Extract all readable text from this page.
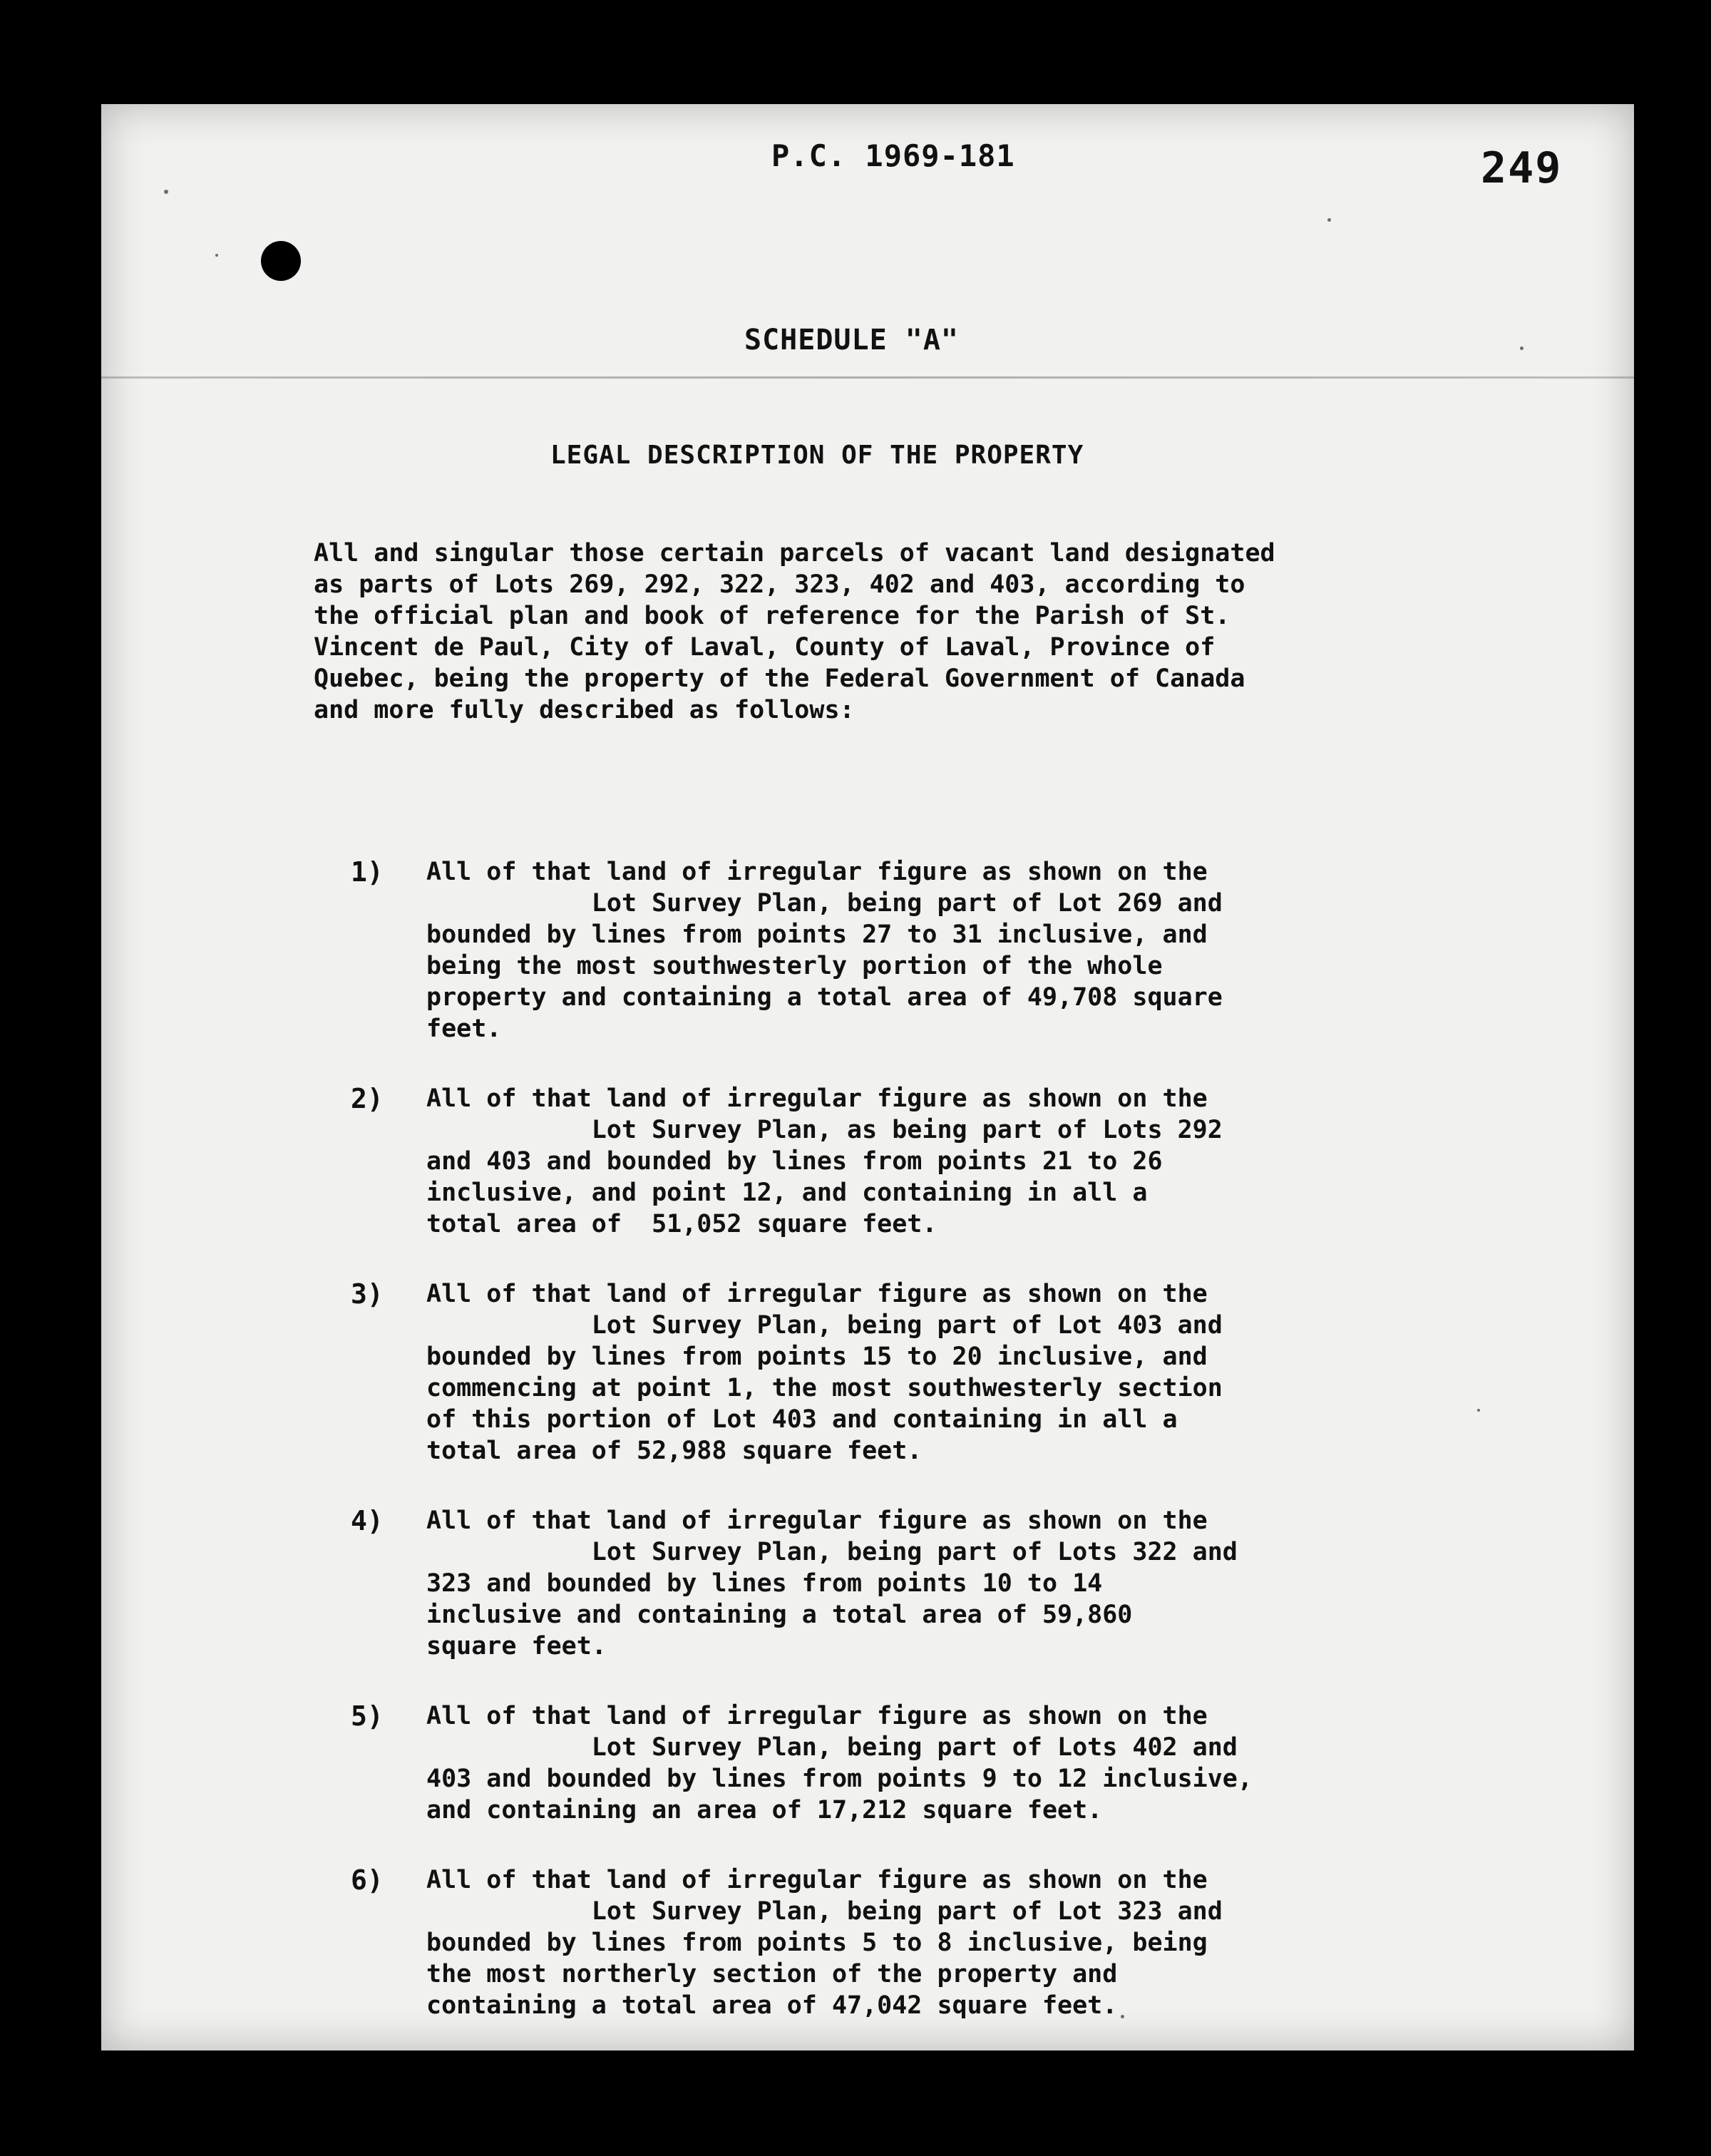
P.C. 1969-181	249
SCHEDULE "A"
LEGAL DESCRIPTION OF THE PROPERTY
All and singular those certain parcels of vacant land designated
as parts of Lots 269, 292, 322, 323, 402 and 403, according to
the official plan and book of reference for the Parish of St.
Vincent de Paul, City of Laval, County of Laval, Province of
Quebec, being the property of the Federal Government of Canada
and more fully described as follows:
1) All of that land of irregular figure as shown on the
Lot Survey Plan, being part of Lot 269 and
bounded by lines from points 27 to 31 inclusive, and
being the most southwesterly portion of the whole
property and containing a total area of 49,708 square
feet.
2) All of that land of irregular figure as shown on the
Lot Survey Plan, as being part of Lots 292
and 403 and bounded by lines from points 21 to 26
inclusive, and point 12, and containing in all a
total area of  51,052 square feet.
3) All of that land of irregular figure as shown on the
Lot Survey Plan, being part of Lot 403 and
bounded by lines from points 15 to 20 inclusive, and
commencing at point 1, the most southwesterly section
of this portion of Lot 403 and containing in all a
total area of 52,988 square feet.
4) All of that land of irregular figure as shown on the
Lot Survey Plan, being part of Lots 322 and
323 and bounded by lines from points 10 to 14
inclusive and containing a total area of 59,860
square feet.
5) All of that land of irregular figure as shown on the
Lot Survey Plan, being part of Lots 402 and
403 and bounded by lines from points 9 to 12 inclusive,
and containing an area of 17,212 square feet.
6) All of that land of irregular figure as shown on the
Lot Survey Plan, being part of Lot 323 and
bounded by lines from points 5 to 8 inclusive, being
the most northerly section of the property and
containing a total area of 47,042 square feet.
